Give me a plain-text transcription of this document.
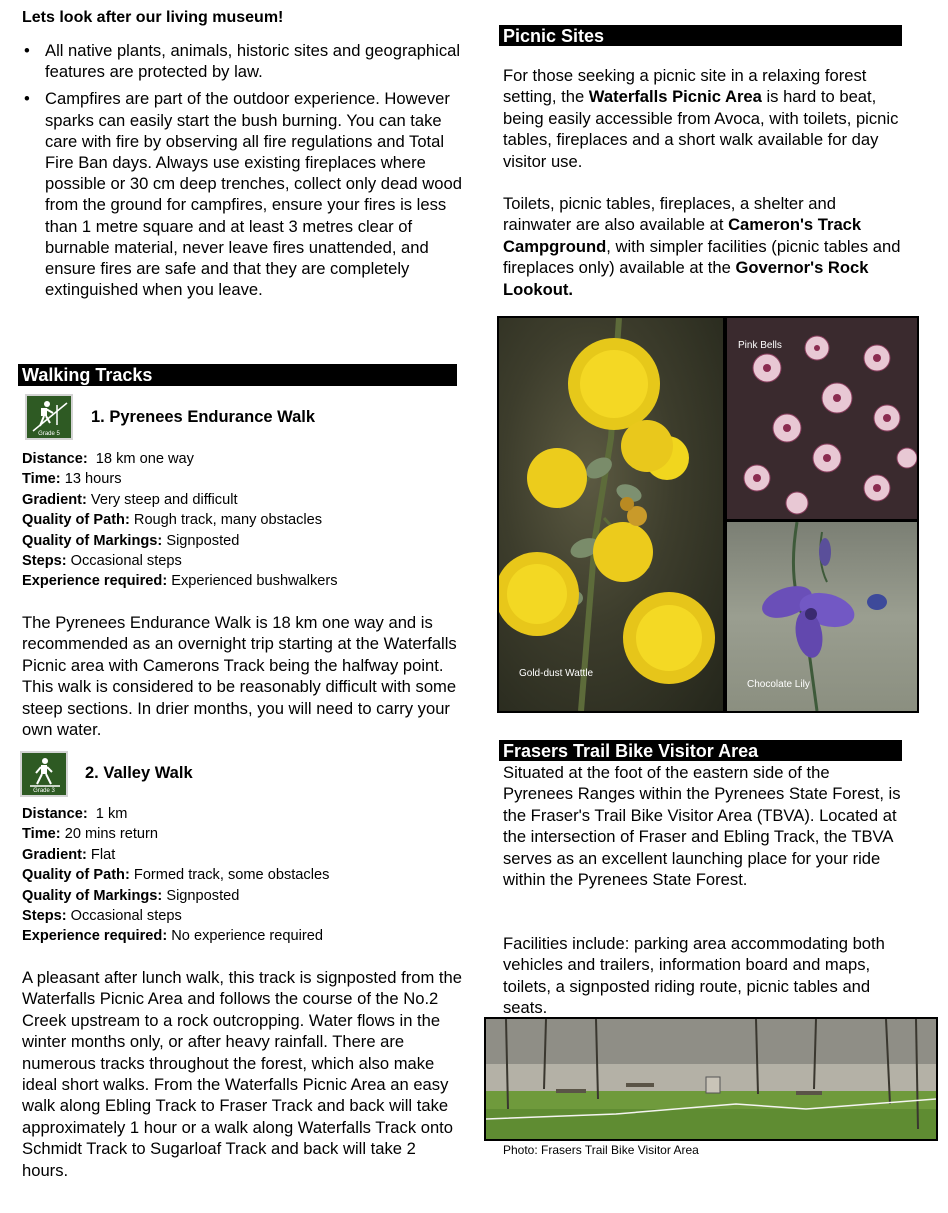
Lets look after our living museum!
• All native plants, animals, historic sites and geographical features are protected by law.
• Campfires are part of the outdoor experience. However sparks can easily start the bush burning. You can take care with fire by observing all fire regulations and Total Fire Ban days. Always use existing fireplaces where possible or 30 cm deep trenches, collect only dead wood from the ground for campfires, ensure your fires is less than 1 metre square and at least 3 metres clear of burnable material, never leave fires unattended, and ensure fires are safe and that they are completely extinguished when you leave.
Walking Tracks
Grade 5
1. Pyrenees Endurance Walk
Distance:  18 km one way
Time: 13 hours
Gradient: Very steep and difficult
Quality of Path: Rough track, many obstacles
Quality of Markings: Signposted
Steps: Occasional steps
Experience required: Experienced bushwalkers
The Pyrenees Endurance Walk is 18 km one way and is recommended as an overnight trip starting at the Waterfalls Picnic area with Camerons Track being the halfway point. This walk is considered to be reasonably difficult with some steep sections. In drier months, you will need to carry your own water.
Grade 3
2. Valley Walk
Distance:  1 km
Time: 20 mins return
Gradient: Flat
Quality of Path: Formed track, some obstacles
Quality of Markings: Signposted
Steps: Occasional steps
Experience required: No experience required
A pleasant after lunch walk, this track is signposted from the Waterfalls Picnic Area and follows the course of the No.2 Creek upstream to a rock outcropping. Water flows in the winter months only, or after heavy rainfall. There are numerous tracks throughout the forest, which also make ideal short walks. From the Waterfalls Picnic Area an easy walk along Ebling Track to Fraser Track and back will take approximately 1 hour or a walk along Waterfalls Track onto Schmidt Track to Sugarloaf Track and back will take 2 hours.
Picnic Sites
For those seeking a picnic site in a relaxing forest setting, the Waterfalls Picnic Area is hard to beat, being easily accessible from Avoca, with toilets, picnic tables, fireplaces and a short walk available for day visitor use.
Toilets, picnic tables, fireplaces, a shelter and rainwater are also available at Cameron's Track Campground, with simpler facilities (picnic tables and fireplaces only) available at the Governor's Rock Lookout.
Gold-dust Wattle
Pink Bells
Chocolate Lily
Frasers Trail Bike Visitor Area
Situated at the foot of the eastern side of the Pyrenees Ranges within the Pyrenees State Forest, is the Fraser's Trail Bike Visitor Area (TBVA). Located at the intersection of Fraser and Ebling Track, the TBVA serves as an excellent launching place for your ride within the Pyrenees State Forest.
Facilities include: parking area accommodating both vehicles and trailers, information board and maps, toilets, a signposted riding route, picnic tables and seats.
Photo: Frasers Trail Bike Visitor Area
